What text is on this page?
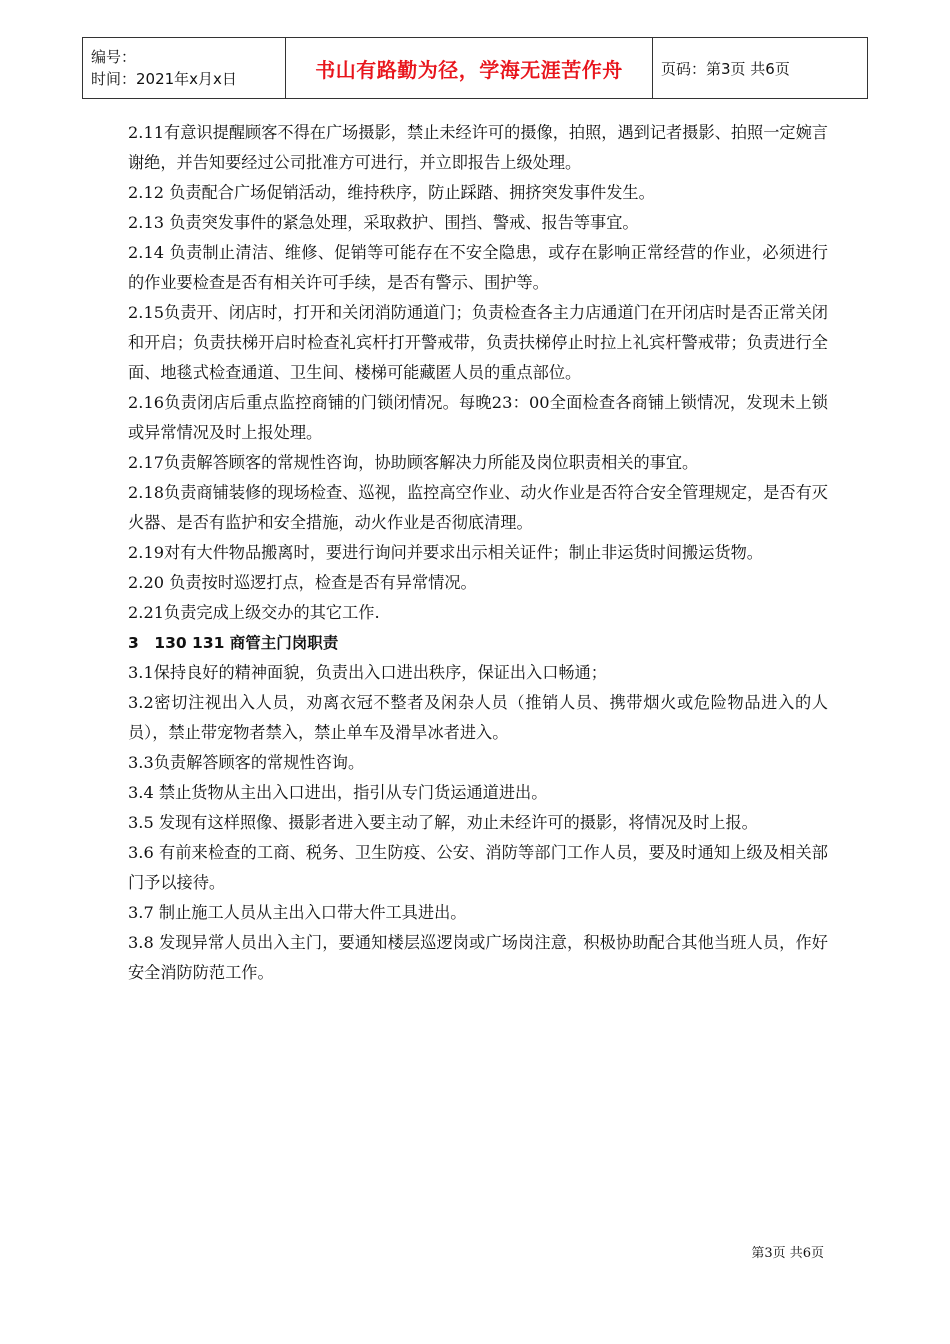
编号：
时间：2021年x月x日	书山有路勤为径，学海无涯苦作舟	页码：第3页 共6页

2.11有意识提醒顾客不得在广场摄影，禁止未经许可的摄像，拍照，遇到记者摄影、拍照一定婉言谢绝，并告知要经过公司批准方可进行，并立即报告上级处理。

2.12 负责配合广场促销活动，维持秩序，防止踩踏、拥挤突发事件发生。

2.13 负责突发事件的紧急处理，采取救护、围挡、警戒、报告等事宜。

2.14 负责制止清洁、维修、促销等可能存在不安全隐患，或存在影响正常经营的作业，必须进行的作业要检查是否有相关许可手续，是否有警示、围护等。

2.15负责开、闭店时，打开和关闭消防通道门；负责检查各主力店通道门在开闭店时是否正常关闭和开启；负责扶梯开启时检查礼宾杆打开警戒带，负责扶梯停止时拉上礼宾杆警戒带；负责进行全面、地毯式检查通道、卫生间、楼梯可能藏匿人员的重点部位。

2.16负责闭店后重点监控商铺的门锁闭情况。每晚23：00全面检查各商铺上锁情况，发现未上锁或异常情况及时上报处理。

2.17负责解答顾客的常规性咨询，协助顾客解决力所能及岗位职责相关的事宜。

2.18负责商铺装修的现场检查、巡视，监控高空作业、动火作业是否符合安全管理规定，是否有灭火器、是否有监护和安全措施，动火作业是否彻底清理。

2.19对有大件物品搬离时，要进行询问并要求出示相关证件；制止非运货时间搬运货物。

2.20 负责按时巡逻打点，检查是否有异常情况。

2.21负责完成上级交办的其它工作.

3　130 131 商管主门岗职责

3.1保持良好的精神面貌，负责出入口进出秩序，保证出入口畅通；

3.2密切注视出入人员，劝离衣冠不整者及闲杂人员（推销人员、携带烟火或危险物品进入的人员），禁止带宠物者禁入，禁止单车及滑旱冰者进入。

3.3负责解答顾客的常规性咨询。

3.4 禁止货物从主出入口进出，指引从专门货运通道进出。

3.5 发现有这样照像、摄影者进入要主动了解，劝止未经许可的摄影，将情况及时上报。

3.6 有前来检查的工商、税务、卫生防疫、公安、消防等部门工作人员，要及时通知上级及相关部门予以接待。

3.7 制止施工人员从主出入口带大件工具进出。

3.8 发现异常人员出入主门，要通知楼层巡逻岗或广场岗注意，积极协助配合其他当班人员，作好安全消防防范工作。

第3页 共6页
